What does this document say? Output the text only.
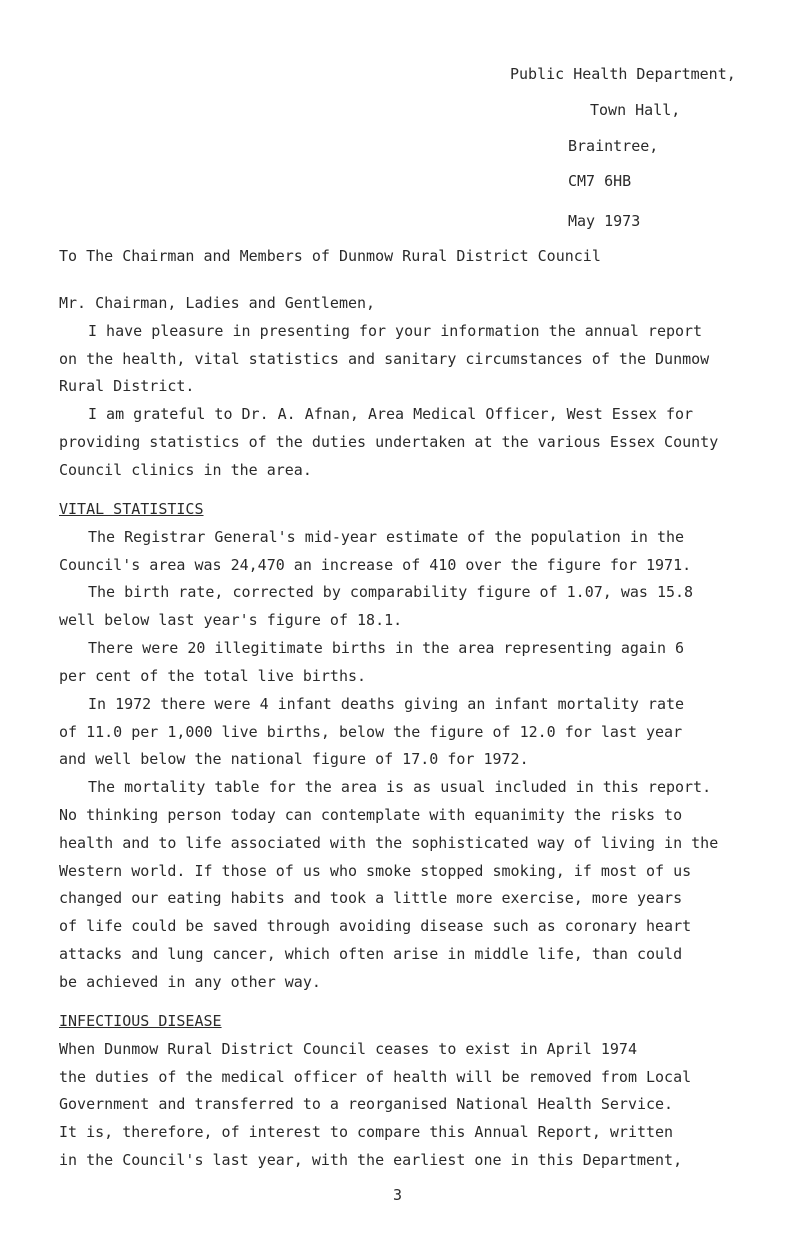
Public Health Department,
Town Hall,
Braintree,
CM7 6HB
May 1973
To The Chairman and Members of Dunmow Rural District Council
Mr. Chairman, Ladies and Gentlemen,
I have pleasure in presenting for your information the annual report
on the health, vital statistics and sanitary circumstances of the Dunmow
Rural District.
I am grateful to Dr. A. Afnan, Area Medical Officer, West Essex for
providing statistics of the duties undertaken at the various Essex County
Council clinics in the area.
VITAL STATISTICS
The Registrar General's mid-year estimate of the population in the
Council's area was 24,470 an increase of 410 over the figure for 1971.
The birth rate, corrected by comparability figure of 1.07, was 15.8
well below last year's figure of 18.1.
There were 20 illegitimate births in the area representing again 6
per cent of the total live births.
In 1972 there were 4 infant deaths giving an infant mortality rate
of 11.0 per 1,000 live births, below the figure of 12.0 for last year
and well below the national figure of 17.0 for 1972.
The mortality table for the area is as usual included in this report.
No thinking person today can contemplate with equanimity the risks to
health and to life associated with the sophisticated way of living in the
Western world. If those of us who smoke stopped smoking, if most of us
changed our eating habits and took a little more exercise, more years
of life could be saved through avoiding disease such as coronary heart
attacks and lung cancer, which often arise in middle life, than could
be achieved in any other way.
INFECTIOUS DISEASE
When Dunmow Rural District Council ceases to exist in April 1974
the duties of the medical officer of health will be removed from Local
Government and transferred to a reorganised National Health Service.
It is, therefore, of interest to compare this Annual Report, written
in the Council's last year, with the earliest one in this Department,
3
